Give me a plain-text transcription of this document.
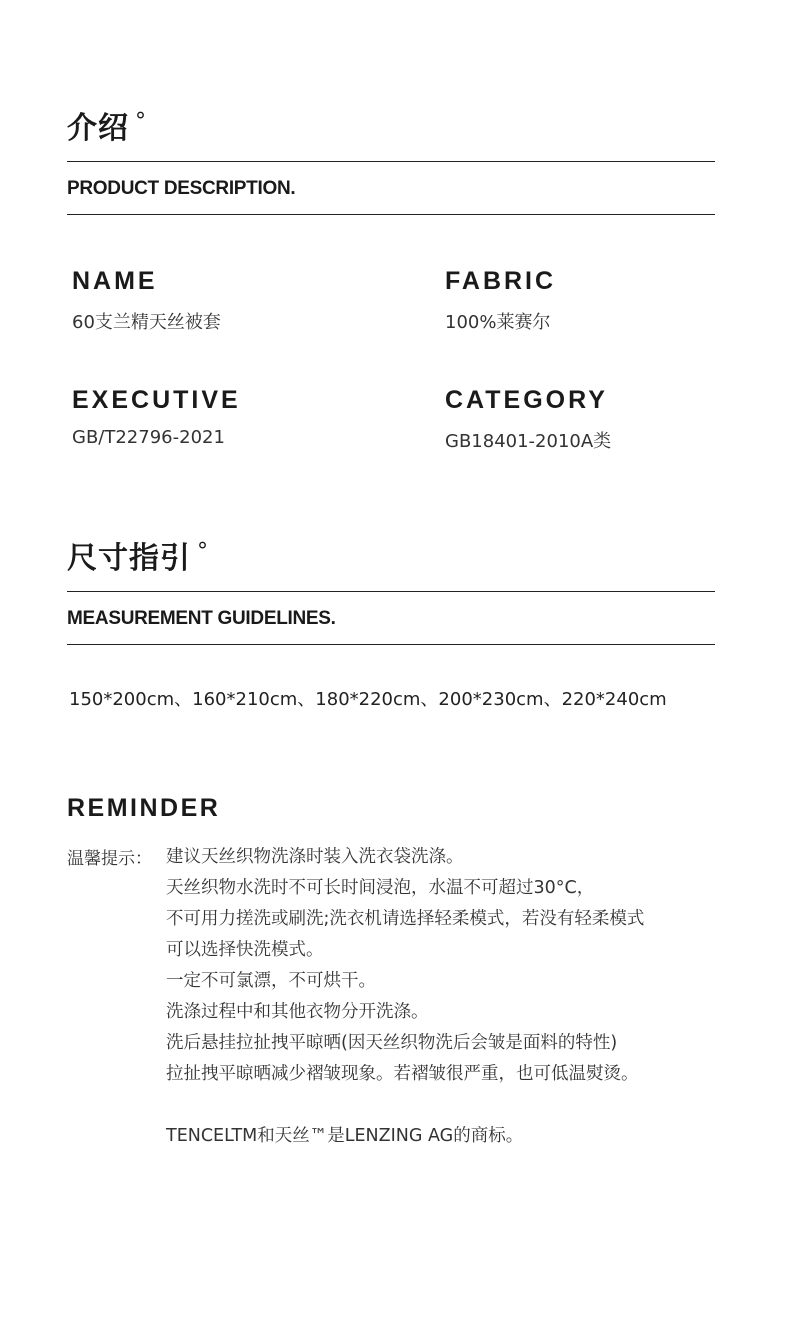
介绍 °
PRODUCT DESCRIPTION.
NAME
60支兰精天丝被套
FABRIC
100%莱赛尔
EXECUTIVE
GB/T22796-2021
CATEGORY
GB18401-2010A类
尺寸指引 °
MEASUREMENT GUIDELINES.
150*200cm、160*210cm、180*220cm、200*230cm、220*240cm
REMINDER
温馨提示： 建议天丝织物洗涤时装入洗衣袋洗涤。
天丝织物水洗时不可长时间浸泡，水温不可超过30°C，
不可用力搓洗或刷洗;洗衣机请选择轻柔模式，若没有轻柔模式
可以选择快洗模式。
一定不可氯漂，不可烘干。
洗涤过程中和其他衣物分开洗涤。
洗后悬挂拉扯拽平晾晒(因天丝织物洗后会皱是面料的特性)
拉扯拽平晾晒减少褶皱现象。若褶皱很严重，也可低温熨烫。
TENCELTM和天丝™是LENZING AG的商标。
